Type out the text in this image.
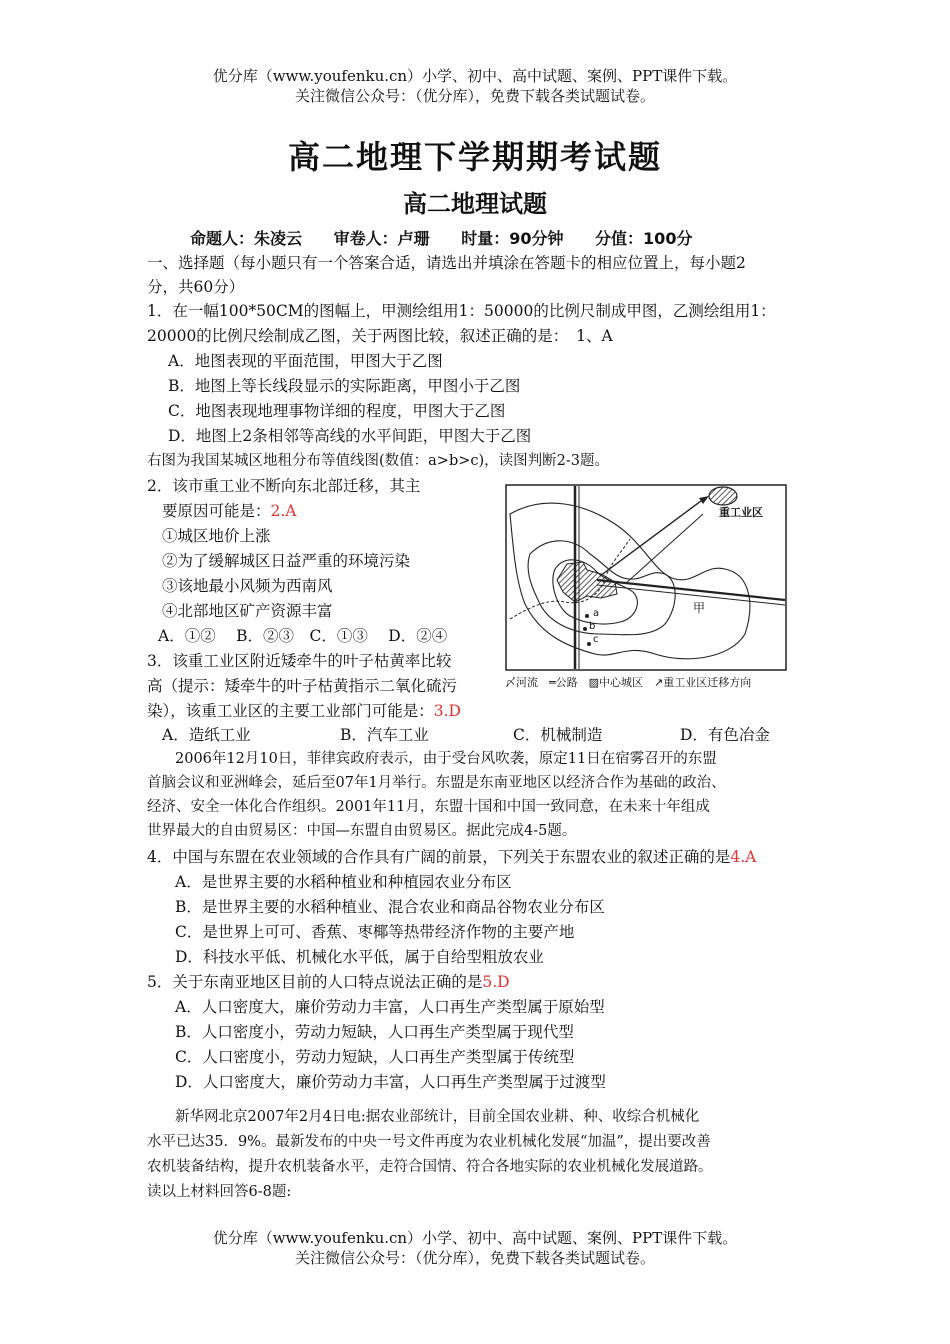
优分库（www.youfenku.cn）小学、初中、高中试题、案例、PPT课件下载。
关注微信公众号：（优分库），免费下载各类试题试卷。
高二地理下学期期考试题
高二地理试题
命题人：朱凌云 审卷人：卢珊 时量：90分钟 分值：100分
一、选择题（每小题只有一个答案合适，请选出并填涂在答题卡的相应位置上，每小题2
分，共60分）
1．在一幅100*50CM的图幅上，甲测绘组用1：50000的比例尺制成甲图，乙测绘组用1：
20000的比例尺绘制成乙图，关于两图比较，叙述正确的是：　 1、A
A．地图表现的平面范围，甲图大于乙图
B．地图上等长线段显示的实际距离，甲图小于乙图
C．地图表现地理事物详细的程度，甲图大于乙图
D．地图上2条相邻等高线的水平间距，甲图大于乙图
右图为我国某城区地租分布等值线图(数值：a>b>c)，读图判断2-3题。
2．该市重工业不断向东北部迁移，其主
要原因可能是：2.A
①城区地价上涨
②为了缓解城区日益严重的环境污染
③该地最小风频为西南风
④北部地区矿产资源丰富
A．①②　 B．②③　C．①③　 D．②④
3．该重工业区附近矮牵牛的叶子枯黄率比较
高（提示：矮牵牛的叶子枯黄指示二氧化硫污
染），该重工业区的主要工业部门可能是：3.D
A．造纸工业	B．汽车工业	C．机械制造	D．有色冶金
重工业区
甲
a
b
c
〆河流　═公路　▨中心城区　↗重工业区迁移方向
2006年12月10日，菲律宾政府表示，由于受台风吹袭，原定11日在宿雾召开的东盟
首脑会议和亚洲峰会，延后至07年1月举行。东盟是东南亚地区以经济合作为基础的政治、
经济、安全一体化合作组织。2001年11月，东盟十国和中国一致同意，在未来十年组成
世界最大的自由贸易区：中国—东盟自由贸易区。据此完成4-5题。
4．中国与东盟在农业领域的合作具有广阔的前景，下列关于东盟农业的叙述正确的是4.A
A．是世界主要的水稻种植业和种植园农业分布区
B．是世界主要的水稻种植业、混合农业和商品谷物农业分布区
C．是世界上可可、香蕉、枣椰等热带经济作物的主要产地
D．科技水平低、机械化水平低，属于自给型粗放农业
5．关于东南亚地区目前的人口特点说法正确的是5.D
A．人口密度大，廉价劳动力丰富，人口再生产类型属于原始型
B．人口密度小，劳动力短缺，人口再生产类型属于现代型
C．人口密度小，劳动力短缺，人口再生产类型属于传统型
D．人口密度大，廉价劳动力丰富，人口再生产类型属于过渡型
新华网北京2007年2月4日电:据农业部统计，目前全国农业耕、种、收综合机械化
水平已达35．9%。最新发布的中央一号文件再度为农业机械化发展“加温”，提出要改善
农机装备结构，提升农机装备水平，走符合国情、符合各地实际的农业机械化发展道路。
读以上材料回答6-8题:
优分库（www.youfenku.cn）小学、初中、高中试题、案例、PPT课件下载。
关注微信公众号：（优分库），免费下载各类试题试卷。
